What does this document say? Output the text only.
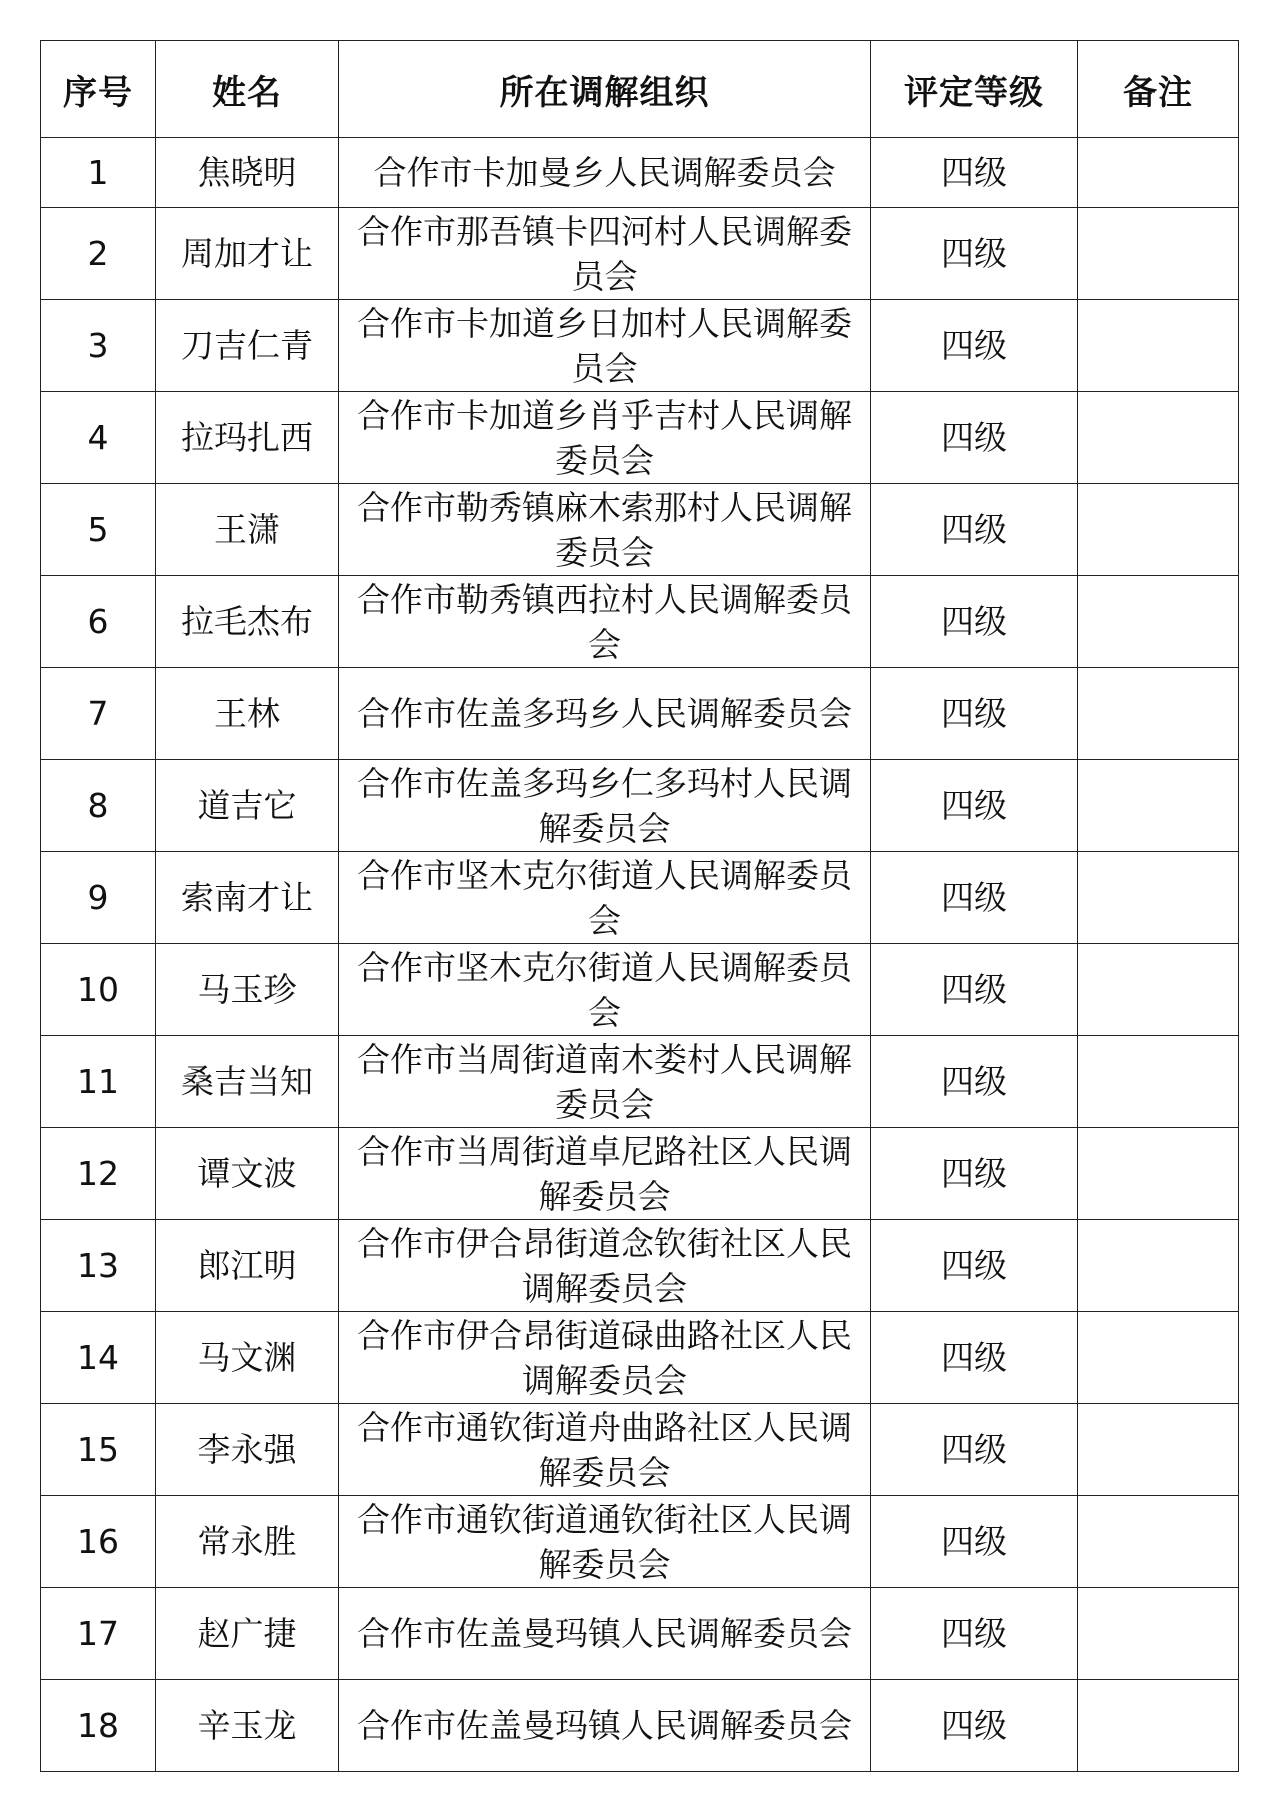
序号	姓名	所在调解组织	评定等级	备注
1	焦晓明	合作市卡加曼乡人民调解委员会	四级	
2	周加才让	合作市那吾镇卡四河村人民调解委员会	四级	
3	刀吉仁青	合作市卡加道乡日加村人民调解委员会	四级	
4	拉玛扎西	合作市卡加道乡肖乎吉村人民调解委员会	四级	
5	王潇	合作市勒秀镇麻木索那村人民调解委员会	四级	
6	拉毛杰布	合作市勒秀镇西拉村人民调解委员会	四级	
7	王林	合作市佐盖多玛乡人民调解委员会	四级	
8	道吉它	合作市佐盖多玛乡仁多玛村人民调解委员会	四级	
9	索南才让	合作市坚木克尔街道人民调解委员会	四级	
10	马玉珍	合作市坚木克尔街道人民调解委员会	四级	
11	桑吉当知	合作市当周街道南木娄村人民调解委员会	四级	
12	谭文波	合作市当周街道卓尼路社区人民调解委员会	四级	
13	郎江明	合作市伊合昂街道念钦街社区人民调解委员会	四级	
14	马文渊	合作市伊合昂街道碌曲路社区人民调解委员会	四级	
15	李永强	合作市通钦街道舟曲路社区人民调解委员会	四级	
16	常永胜	合作市通钦街道通钦街社区人民调解委员会	四级	
17	赵广捷	合作市佐盖曼玛镇人民调解委员会	四级	
18	辛玉龙	合作市佐盖曼玛镇人民调解委员会	四级	
